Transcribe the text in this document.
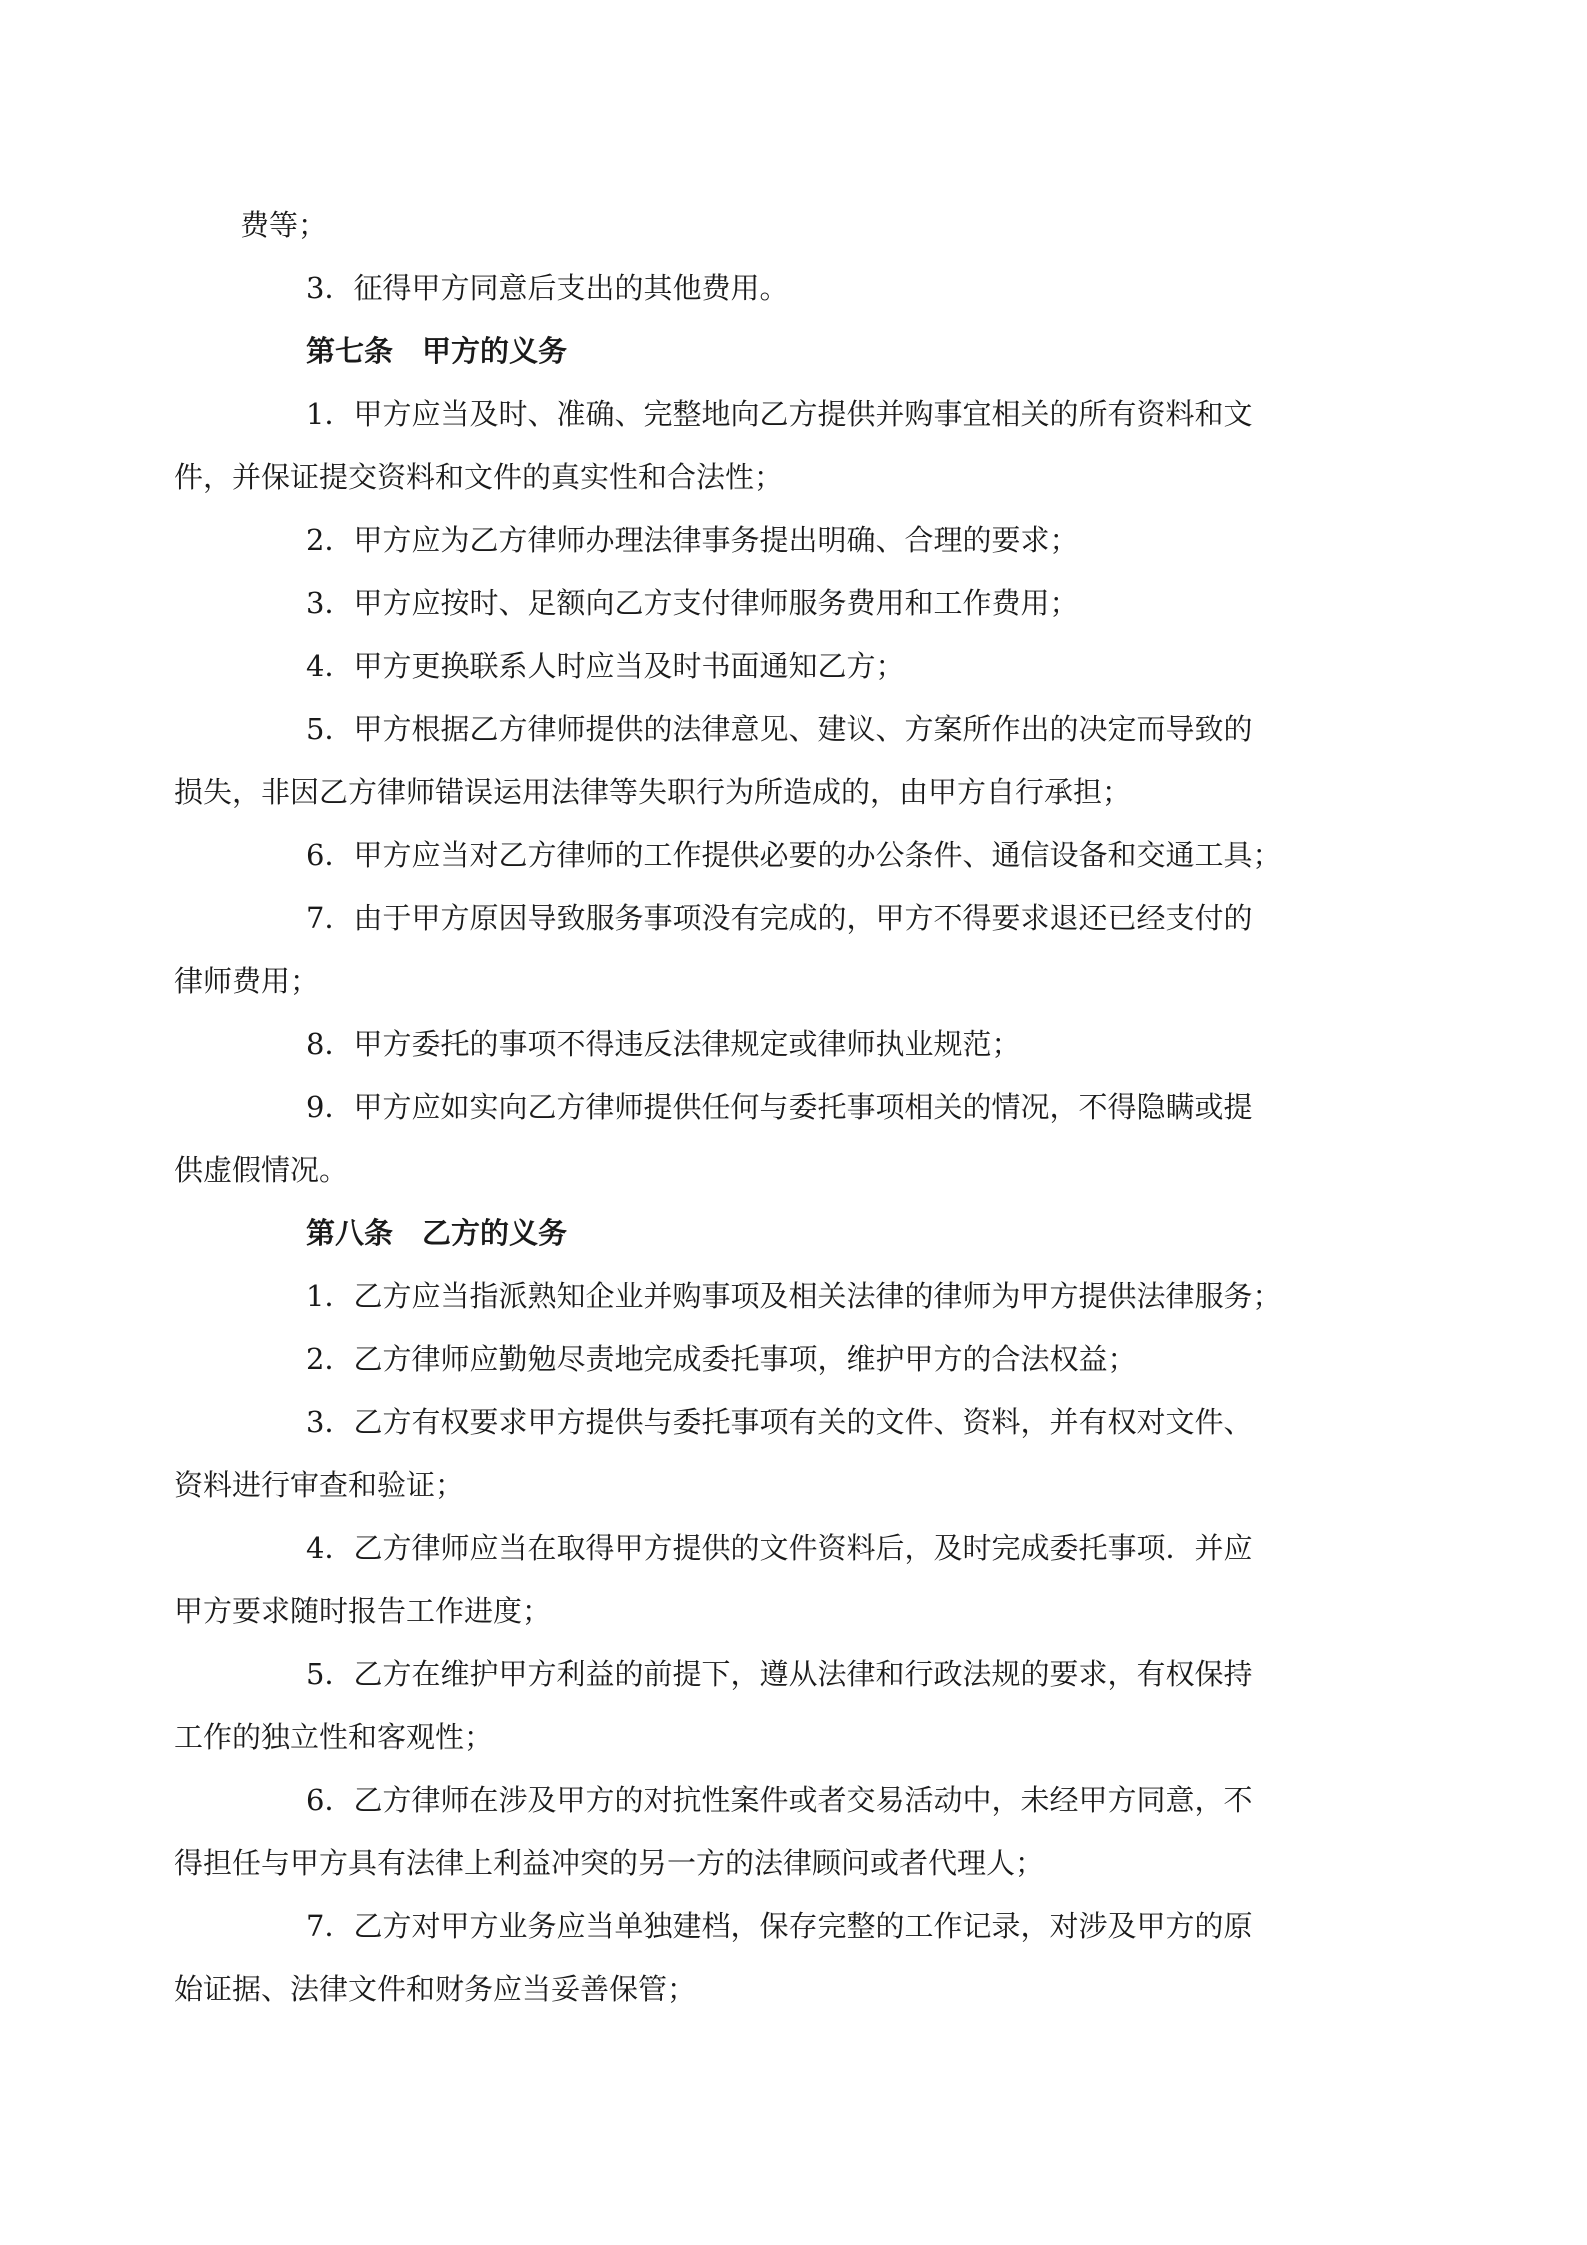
费等；
3．征得甲方同意后支出的其他费用。
第七条　甲方的义务
1．甲方应当及时、准确、完整地向乙方提供并购事宜相关的所有资料和文
件，并保证提交资料和文件的真实性和合法性；
2．甲方应为乙方律师办理法律事务提出明确、合理的要求；
3．甲方应按时、足额向乙方支付律师服务费用和工作费用；
4．甲方更换联系人时应当及时书面通知乙方；
5．甲方根据乙方律师提供的法律意见、建议、方案所作出的决定而导致的
损失，非因乙方律师错误运用法律等失职行为所造成的，由甲方自行承担；
6．甲方应当对乙方律师的工作提供必要的办公条件、通信设备和交通工具；
7．由于甲方原因导致服务事项没有完成的，甲方不得要求退还已经支付的
律师费用；
8．甲方委托的事项不得违反法律规定或律师执业规范；
9．甲方应如实向乙方律师提供任何与委托事项相关的情况，不得隐瞒或提
供虚假情况。
第八条　乙方的义务
1．乙方应当指派熟知企业并购事项及相关法律的律师为甲方提供法律服务；
2．乙方律师应勤勉尽责地完成委托事项，维护甲方的合法权益；
3．乙方有权要求甲方提供与委托事项有关的文件、资料，并有权对文件、
资料进行审查和验证；
4．乙方律师应当在取得甲方提供的文件资料后，及时完成委托事项．并应
甲方要求随时报告工作进度；
5．乙方在维护甲方利益的前提下，遵从法律和行政法规的要求，有权保持
工作的独立性和客观性；
6．乙方律师在涉及甲方的对抗性案件或者交易活动中，未经甲方同意，不
得担任与甲方具有法律上利益冲突的另一方的法律顾问或者代理人；
7．乙方对甲方业务应当单独建档，保存完整的工作记录，对涉及甲方的原
始证据、法律文件和财务应当妥善保管；
